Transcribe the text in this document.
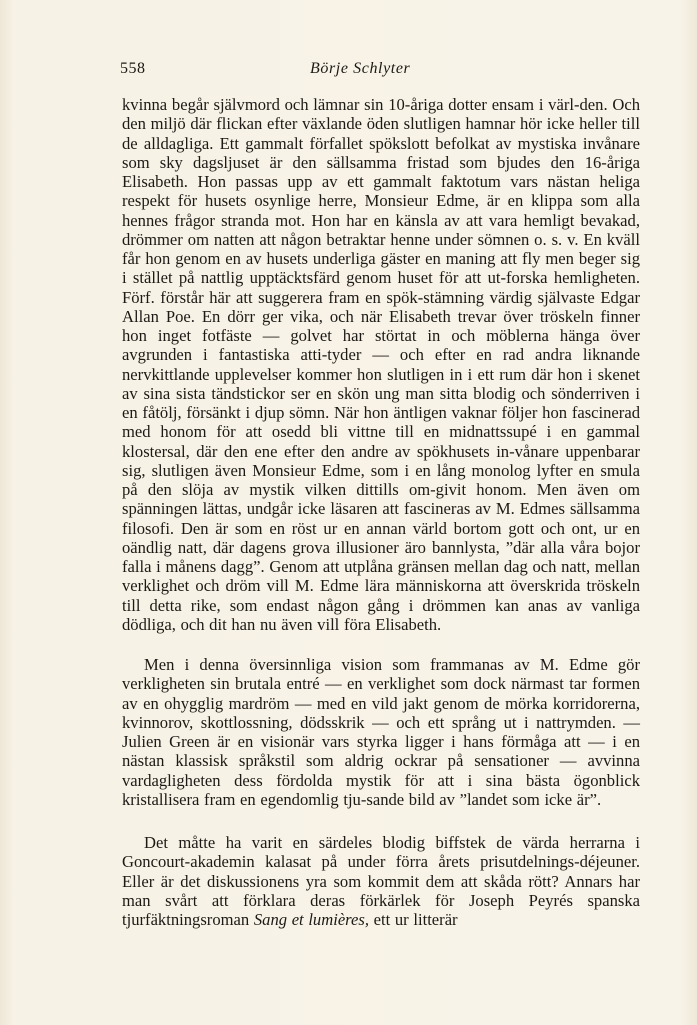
558	Börje Schlyter

kvinna begår självmord och lämnar sin 10-åriga dotter ensam i värl-den. Och den miljö där flickan efter växlande öden slutligen hamnar hör icke heller till de alldagliga. Ett gammalt förfallet spökslott befolkat av mystiska invånare som sky dagsljuset är den sällsamma fristad som bjudes den 16-åriga Elisabeth. Hon passas upp av ett gammalt faktotum vars nästan heliga respekt för husets osynlige herre, Monsieur Edme, är en klippa som alla hennes frågor stranda mot. Hon har en känsla av att vara hemligt bevakad, drömmer om natten att någon betraktar henne under sömnen o. s. v. En kväll får hon genom en av husets underliga gäster en maning att fly men beger sig i stället på nattlig upptäcktsfärd genom huset för att ut-forska hemligheten. Förf. förstår här att suggerera fram en spök-stämning värdig självaste Edgar Allan Poe. En dörr ger vika, och när Elisabeth trevar över tröskeln finner hon inget fotfäste — golvet har störtat in och möblerna hänga över avgrunden i fantastiska atti-tyder — och efter en rad andra liknande nervkittlande upplevelser kommer hon slutligen in i ett rum där hon i skenet av sina sista tändstickor ser en skön ung man sitta blodig och sönderriven i en fåtölj, försänkt i djup sömn. När hon äntligen vaknar följer hon fascinerad med honom för att osedd bli vittne till en midnattssupé i en gammal klostersal, där den ene efter den andre av spökhusets in-vånare uppenbarar sig, slutligen även Monsieur Edme, som i en lång monolog lyfter en smula på den slöja av mystik vilken dittills om-givit honom. Men även om spänningen lättas, undgår icke läsaren att fascineras av M. Edmes sällsamma filosofi. Den är som en röst ur en annan värld bortom gott och ont, ur en oändlig natt, där dagens grova illusioner äro bannlysta, ”där alla våra bojor falla i månens dagg”. Genom att utplåna gränsen mellan dag och natt, mellan verklighet och dröm vill M. Edme lära människorna att överskrida tröskeln till detta rike, som endast någon gång i drömmen kan anas av vanliga dödliga, och dit han nu även vill föra Elisabeth.

Men i denna översinnliga vision som frammanas av M. Edme gör verkligheten sin brutala entré — en verklighet som dock närmast tar formen av en ohygglig mardröm — med en vild jakt genom de mörka korridorerna, kvinnorov, skottlossning, dödsskrik — och ett språng ut i nattrymden. — Julien Green är en visionär vars styrka ligger i hans förmåga att — i en nästan klassisk språkstil som aldrig ockrar på sensationer — avvinna vardagligheten dess fördolda mystik för att i sina bästa ögonblick kristallisera fram en egendomlig tju-sande bild av ”landet som icke är”.

Det måtte ha varit en särdeles blodig biffstek de värda herrarna i Goncourt-akademin kalasat på under förra årets prisutdelnings-déjeuner. Eller är det diskussionens yra som kommit dem att skåda rött? Annars har man svårt att förklara deras förkärlek för Joseph Peyrés spanska tjurfäktningsroman Sang et lumières, ett ur litterär
